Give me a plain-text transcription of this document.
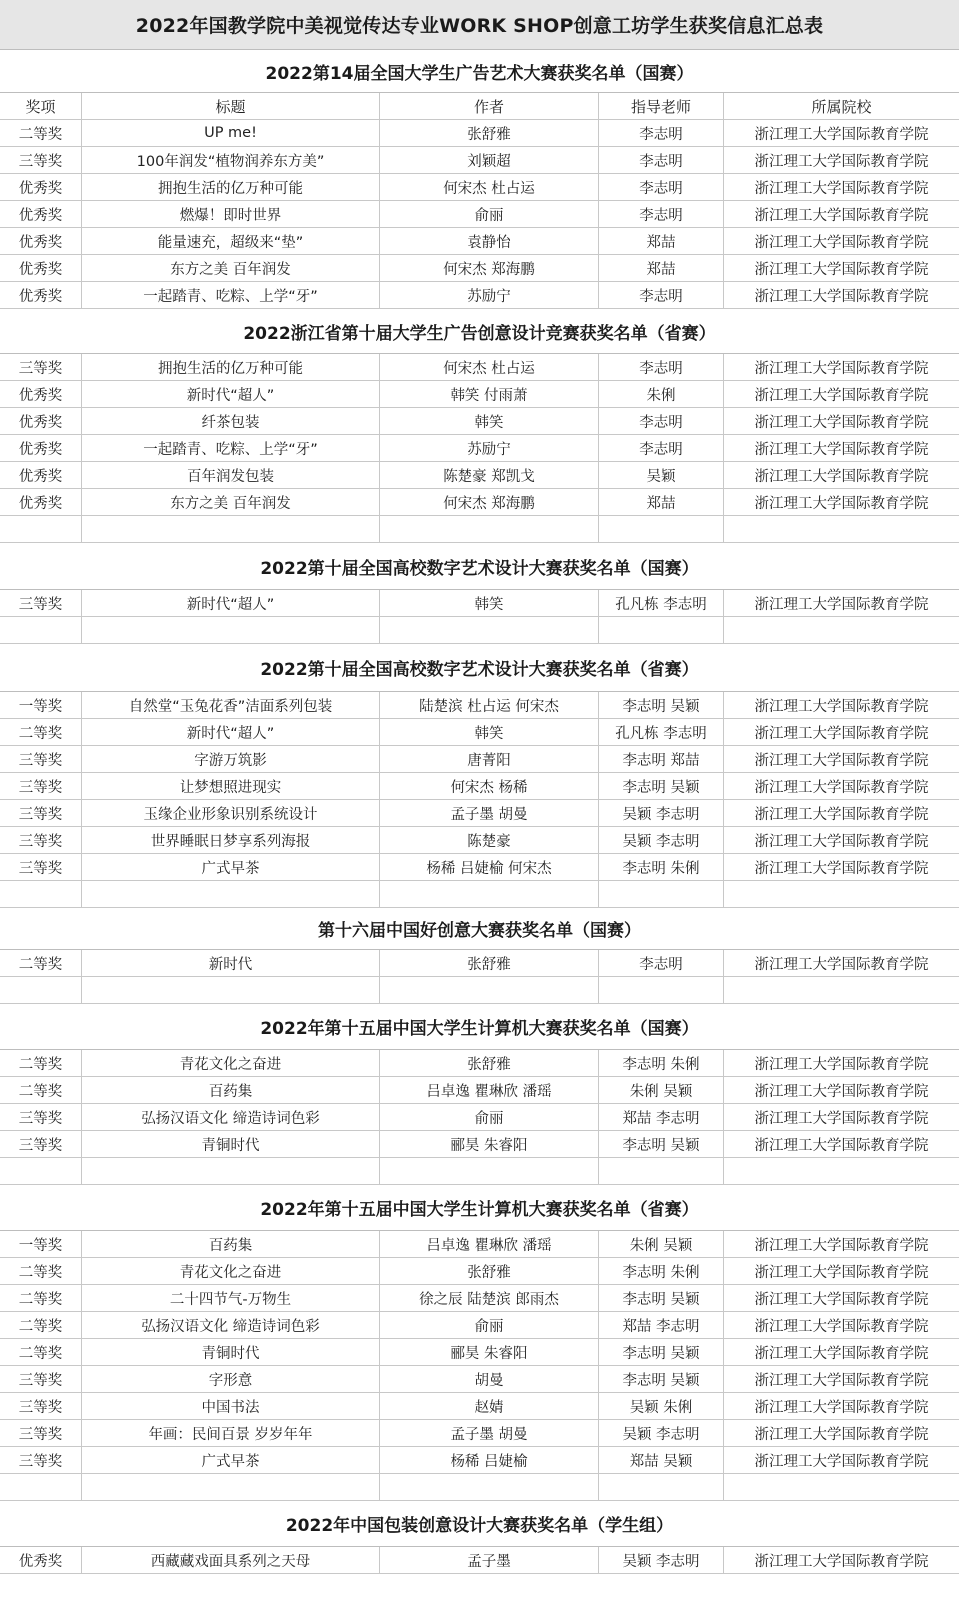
2022年国教学院中美视觉传达专业WORK SHOP创意工坊学生获奖信息汇总表
2022第14届全国大学生广告艺术大赛获奖名单（国赛）
奖项	标题	作者	指导老师	所属院校
二等奖	UP me!	张舒雅	李志明	浙江理工大学国际教育学院
三等奖	100年润发“植物润养东方美”	刘颖超	李志明	浙江理工大学国际教育学院
优秀奖	拥抱生活的亿万种可能	何宋杰 杜占运	李志明	浙江理工大学国际教育学院
优秀奖	燃爆！即时世界	俞丽	李志明	浙江理工大学国际教育学院
优秀奖	能量速充，超级来“垫”	袁静怡	郑喆	浙江理工大学国际教育学院
优秀奖	东方之美 百年润发	何宋杰 郑海鹏	郑喆	浙江理工大学国际教育学院
优秀奖	一起踏青、吃粽、上学“牙”	苏励宁	李志明	浙江理工大学国际教育学院
2022浙江省第十届大学生广告创意设计竞赛获奖名单（省赛）
三等奖	拥抱生活的亿万种可能	何宋杰 杜占运	李志明	浙江理工大学国际教育学院
优秀奖	新时代“超人”	韩笑 付雨萧	朱俐	浙江理工大学国际教育学院
优秀奖	纤茶包装	韩笑	李志明	浙江理工大学国际教育学院
优秀奖	一起踏青、吃粽、上学“牙”	苏励宁	李志明	浙江理工大学国际教育学院
优秀奖	百年润发包装	陈楚豪 郑凯戈	吴颖	浙江理工大学国际教育学院
优秀奖	东方之美 百年润发	何宋杰 郑海鹏	郑喆	浙江理工大学国际教育学院
2022第十届全国高校数字艺术设计大赛获奖名单（国赛）
三等奖	新时代“超人”	韩笑	孔凡栋 李志明	浙江理工大学国际教育学院
2022第十届全国高校数字艺术设计大赛获奖名单（省赛）
一等奖	自然堂“玉兔花香”洁面系列包装	陆楚滨 杜占运 何宋杰	李志明 吴颖	浙江理工大学国际教育学院
二等奖	新时代“超人”	韩笑	孔凡栋 李志明	浙江理工大学国际教育学院
三等奖	字游万筑影	唐菁阳	李志明 郑喆	浙江理工大学国际教育学院
三等奖	让梦想照进现实	何宋杰 杨稀	李志明 吴颖	浙江理工大学国际教育学院
三等奖	玉缘企业形象识别系统设计	孟子墨 胡曼	吴颖 李志明	浙江理工大学国际教育学院
三等奖	世界睡眠日梦享系列海报	陈楚豪	吴颖 李志明	浙江理工大学国际教育学院
三等奖	广式早茶	杨稀 吕婕榆 何宋杰	李志明 朱俐	浙江理工大学国际教育学院
第十六届中国好创意大赛获奖名单（国赛）
二等奖	新时代	张舒雅	李志明	浙江理工大学国际教育学院
2022年第十五届中国大学生计算机大赛获奖名单（国赛）
二等奖	青花文化之奋进	张舒雅	李志明 朱俐	浙江理工大学国际教育学院
二等奖	百药集	吕卓逸 瞿琳欣 潘瑶	朱俐 吴颖	浙江理工大学国际教育学院
三等奖	弘扬汉语文化 缔造诗词色彩	俞丽	郑喆 李志明	浙江理工大学国际教育学院
三等奖	青铜时代	郦昊 朱睿阳	李志明 吴颖	浙江理工大学国际教育学院
2022年第十五届中国大学生计算机大赛获奖名单（省赛）
一等奖	百药集	吕卓逸 瞿琳欣 潘瑶	朱俐 吴颖	浙江理工大学国际教育学院
二等奖	青花文化之奋进	张舒雅	李志明 朱俐	浙江理工大学国际教育学院
二等奖	二十四节气-万物生	徐之辰 陆楚滨 郎雨杰	李志明 吴颖	浙江理工大学国际教育学院
二等奖	弘扬汉语文化 缔造诗词色彩	俞丽	郑喆 李志明	浙江理工大学国际教育学院
二等奖	青铜时代	郦昊 朱睿阳	李志明 吴颖	浙江理工大学国际教育学院
三等奖	字形意	胡曼	李志明 吴颖	浙江理工大学国际教育学院
三等奖	中国书法	赵婧	吴颖 朱俐	浙江理工大学国际教育学院
三等奖	年画：民间百景 岁岁年年	孟子墨 胡曼	吴颖 李志明	浙江理工大学国际教育学院
三等奖	广式早茶	杨稀 吕婕榆	郑喆 吴颖	浙江理工大学国际教育学院
2022年中国包装创意设计大赛获奖名单（学生组）
优秀奖	西藏藏戏面具系列之天母	孟子墨	吴颖 李志明	浙江理工大学国际教育学院
